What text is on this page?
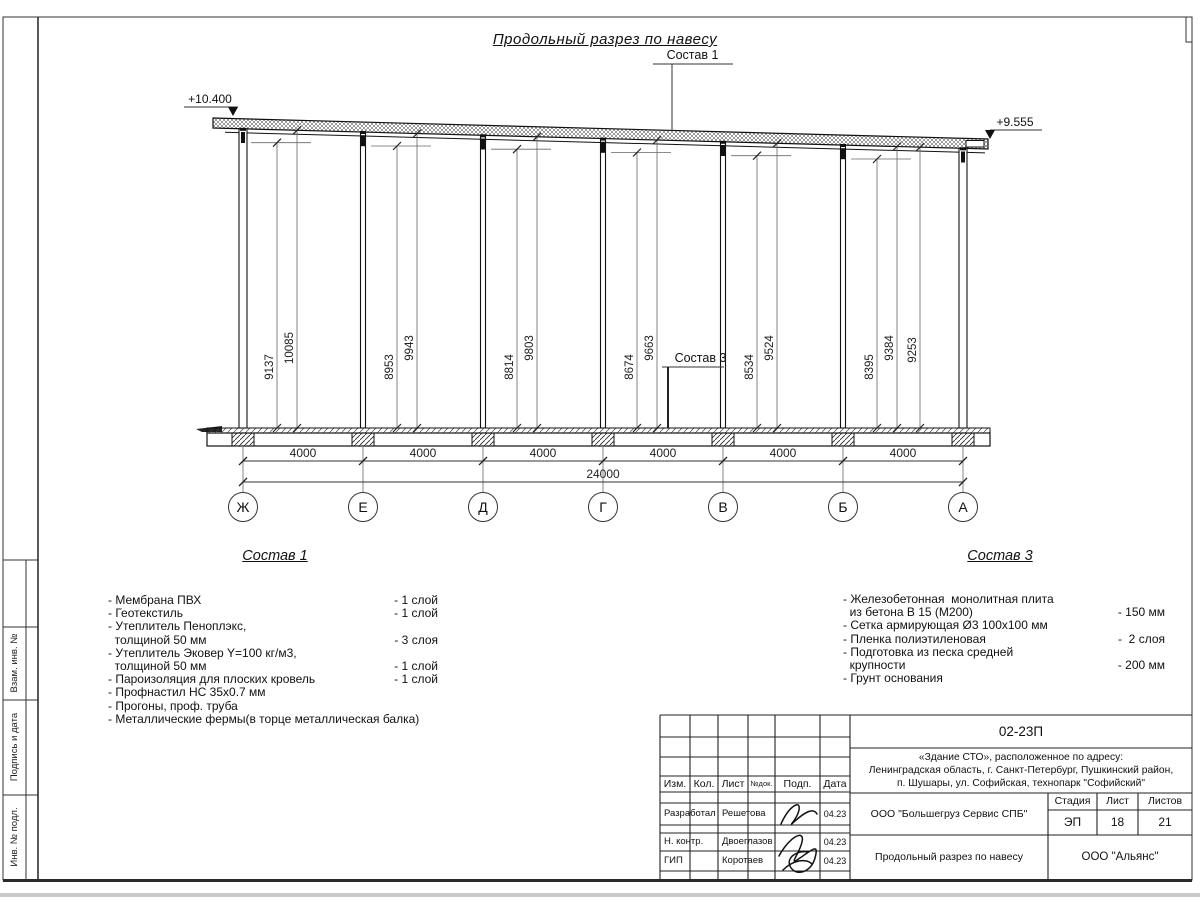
Продольный разрез по навесу
Состав 1
Состав 3
+10.400
+9.555
9137
10085
8953
9943
8814
9803
8674
9663
8534
9524
8395
9384 9253
4000	4000	4000	4000	4000	4000
24000
Ж	Е	Д	Г	В	Б	А
Состав 1
- Мембрана ПВХ	- 1 слой
- Геотекстиль	- 1 слой
- Утеплитель Пеноплэкс,
толщиной 50 мм	- 3 слоя
- Утеплитель Эковер Y=100 кг/м3,
толщиной 50 мм	- 1 слой
- Пароизоляция для плоских кровель	- 1 слой
- Профнастил НС 35х0.7 мм
- Прогоны, проф. труба
- Металлические фермы(в торце металлическая балка)
Состав 3
- Железобетонная  монолитная плита
из бетона В 15 (М200)	- 150 мм
- Сетка армирующая Ø3 100х100 мм
- Пленка полиэтиленовая	-  2 слоя
- Подготовка из песка средней
крупности	- 200 мм
- Грунт основания
02-23П
«Здание СТО», расположенное по адресу:
Ленинградская область, г. Санкт-Петербург, Пушкинский район,
п. Шушары, ул. Софийская, технопарк "Софийский"
Изм. Кол. Лист №док.	Подп.	Дата
Разработал Решетова	04.23
Н. контр.	Двоеглазов	04.23
ГИП	Коротаев	04.23
ООО "Большегруз Сервис СПБ"
Стадия	Лист	Листов
ЭП	18	21
Продольный разрез по навесу	ООО "Альянс"
Взам. инв. №
Подпись и дата
Инв. № подл.
